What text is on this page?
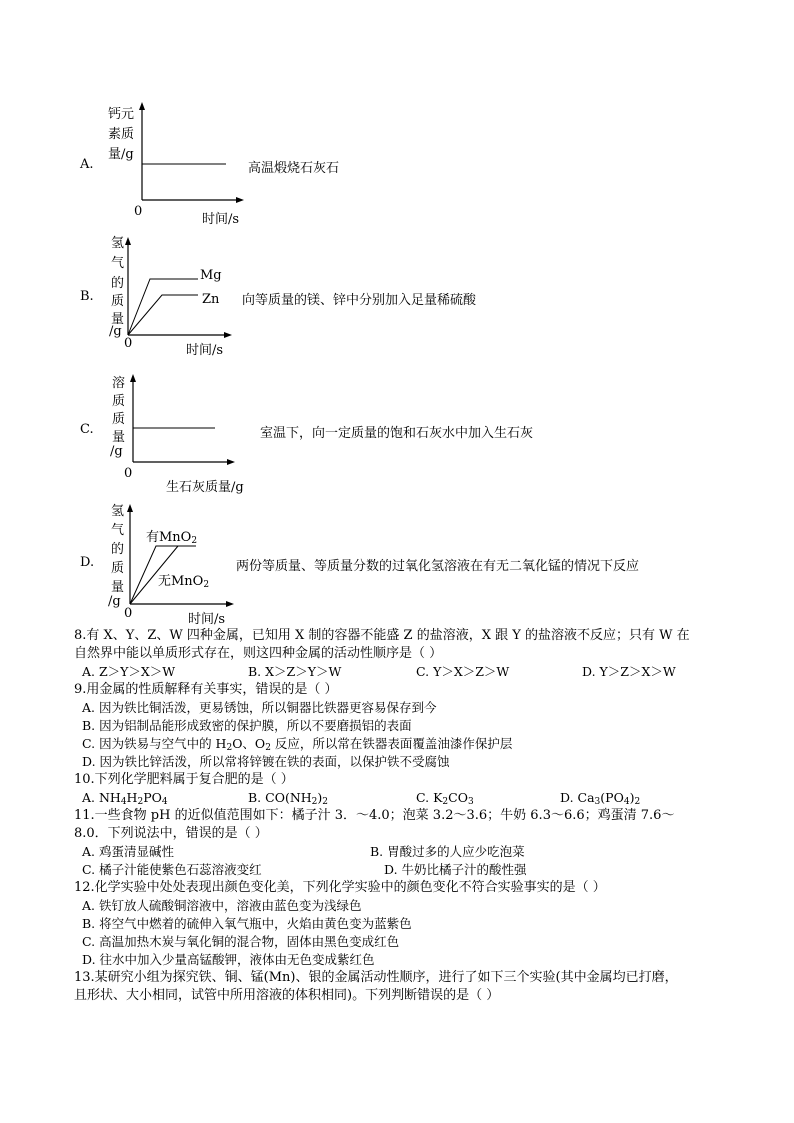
A.
钙元
素质
量/g
0
时间/s
高温煅烧石灰石
B.
氢
气
的
质
量
/g
Mg
Zn
0	时间/s
向等质量的镁、锌中分别加入足量稀硫酸
C.
溶
质
质
量
/g
0
生石灰质量/g
室温下，向一定质量的饱和石灰水中加入生石灰
D.
氢
气
的
质
量
/g
有MnO$_2$
无MnO$_2$
0	时间/s
两份等质量、等质量分数的过氧化氢溶液在有无二氧化锰的情况下反应
8.有 X、Y、Z、W 四种金属，已知用 X 制的容器不能盛 Z 的盐溶液，X 跟 Y 的盐溶液不反应；只有 W 在
自然界中能以单质形式存在，则这四种金属的活动性顺序是（ ）
A. Z＞Y＞X＞W	B. X＞Z＞Y＞W	C. Y＞X＞Z＞W	D. Y＞Z＞X＞W
9.用金属的性质解释有关事实，错误的是（ ）
A. 因为铁比铜活泼，更易锈蚀，所以铜器比铁器更容易保存到今
B. 因为铝制品能形成致密的保护膜，所以不要磨损铝的表面
C. 因为铁易与空气中的 $H_2O$、$O_2$ 反应，所以常在铁器表面覆盖油漆作保护层
D. 因为铁比锌活泼，所以常将锌镀在铁的表面，以保护铁不受腐蚀
10.下列化学肥料属于复合肥的是（ ）
A. $NH_4H_2PO_4$	B. $CO(NH_2)_2$	C. $K_2CO_3$	D. $Ca_3(PO_4)_2$
11.一些食物 pH 的近似值范围如下：橘子汁 3．～4.0；泡菜 3.2～3.6；牛奶 6.3～6.6；鸡蛋清 7.6～
8.0．下列说法中，错误的是（ ）
A. 鸡蛋清显碱性	B. 胃酸过多的人应少吃泡菜
C. 橘子汁能使紫色石蕊溶液变红	D. 牛奶比橘子汁的酸性强
12.化学实验中处处表现出颜色变化美，下列化学实验中的颜色变化不符合实验事实的是（ ）
A. 铁钉放人硫酸铜溶液中，溶液由蓝色变为浅绿色
B. 将空气中燃着的硫伸入氧气瓶中，火焰由黄色变为蓝紫色
C. 高温加热木炭与氧化铜的混合物，固体由黑色变成红色
D. 往水中加入少量高锰酸钾，液体由无色变成紫红色
13.某研究小组为探究铁、铜、锰(Mn)、银的金属活动性顺序，进行了如下三个实验(其中金属均已打磨，
且形状、大小相同，试管中所用溶液的体积相同)。下列判断错误的是（ ）
